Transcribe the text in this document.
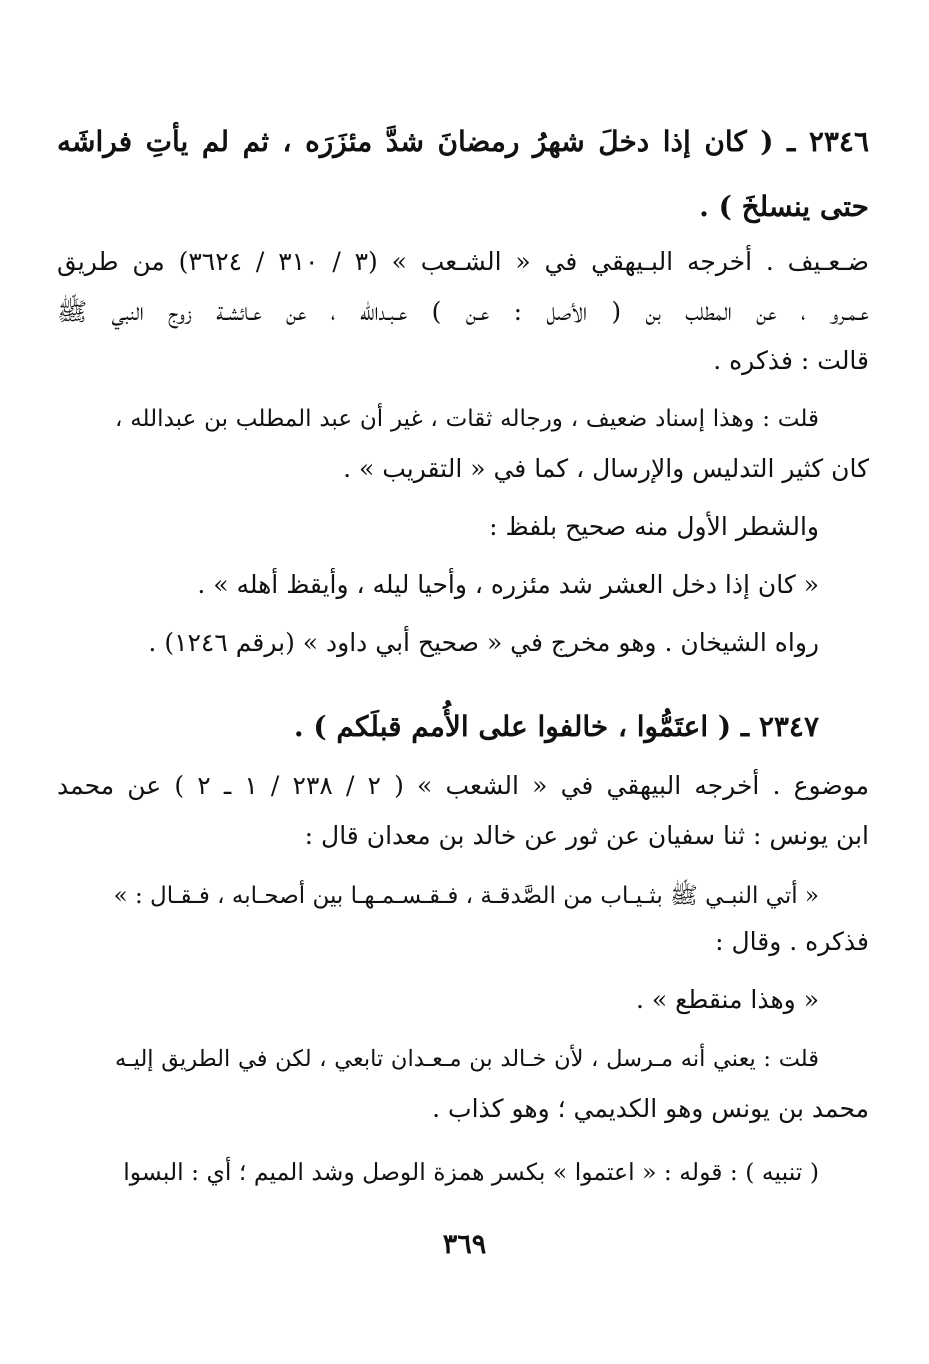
٢٣٤٦ ـ ( كان إذا دخلَ شهرُ رمضانَ شدَّ مئزَرَه ، ثم لم يأتِ فراشَه
حتى ينسلخَ ) .
ضـعـيف . أخرجه البـيهقي في « الشـعب » (٣ / ٣١٠ / ٣٦٢٤) من طريق
عـمـرو ، عن المطلب بن ( الأصل : عـن ) عـبـدالله ، عن عـائشـة زوج النبي ﷺ
قالت : فذكره .
قلت : وهذا إسناد ضعيف ، ورجاله ثقات ، غير أن عبد المطلب بن عبدالله ،
كان كثير التدليس والإرسال ، كما في « التقريب » .
والشطر الأول منه صحيح بلفظ :
« كان إذا دخل العشر شد مئزره ، وأحيا ليله ، وأيقظ أهله » .
رواه الشيخان . وهو مخرج في « صحيح أبي داود » (برقم ١٢٤٦) .
٢٣٤٧ ـ ( اعتَمُّوا ، خالفوا على الأُمم قبلَكم ) .
موضوع . أخرجه البيهقي في « الشعب » ( ٢ / ٢٣٨ / ١ ـ ٢ ) عن محمد
ابن يونس : ثنا سفيان عن ثور عن خالد بن معدان قال :
« أتي النبـي ﷺ بثـيـاب من الصَّدقـة ، فـقـسـمـهـا بين أصحـابه ، فـقـال : »
فذكره . وقال :
« وهذا منقطع » .
قلت : يعني أنه مـرسل ، لأن خـالد بن مـعـدان تابعي ، لكن في الطريق إليـه
محمد بن يونس وهو الكديمي ؛ وهو كذاب .
( تنبيه ) : قوله : « اعتموا » بكسر همزة الوصل وشد الميم ؛ أي : البسوا
٣٦٩
